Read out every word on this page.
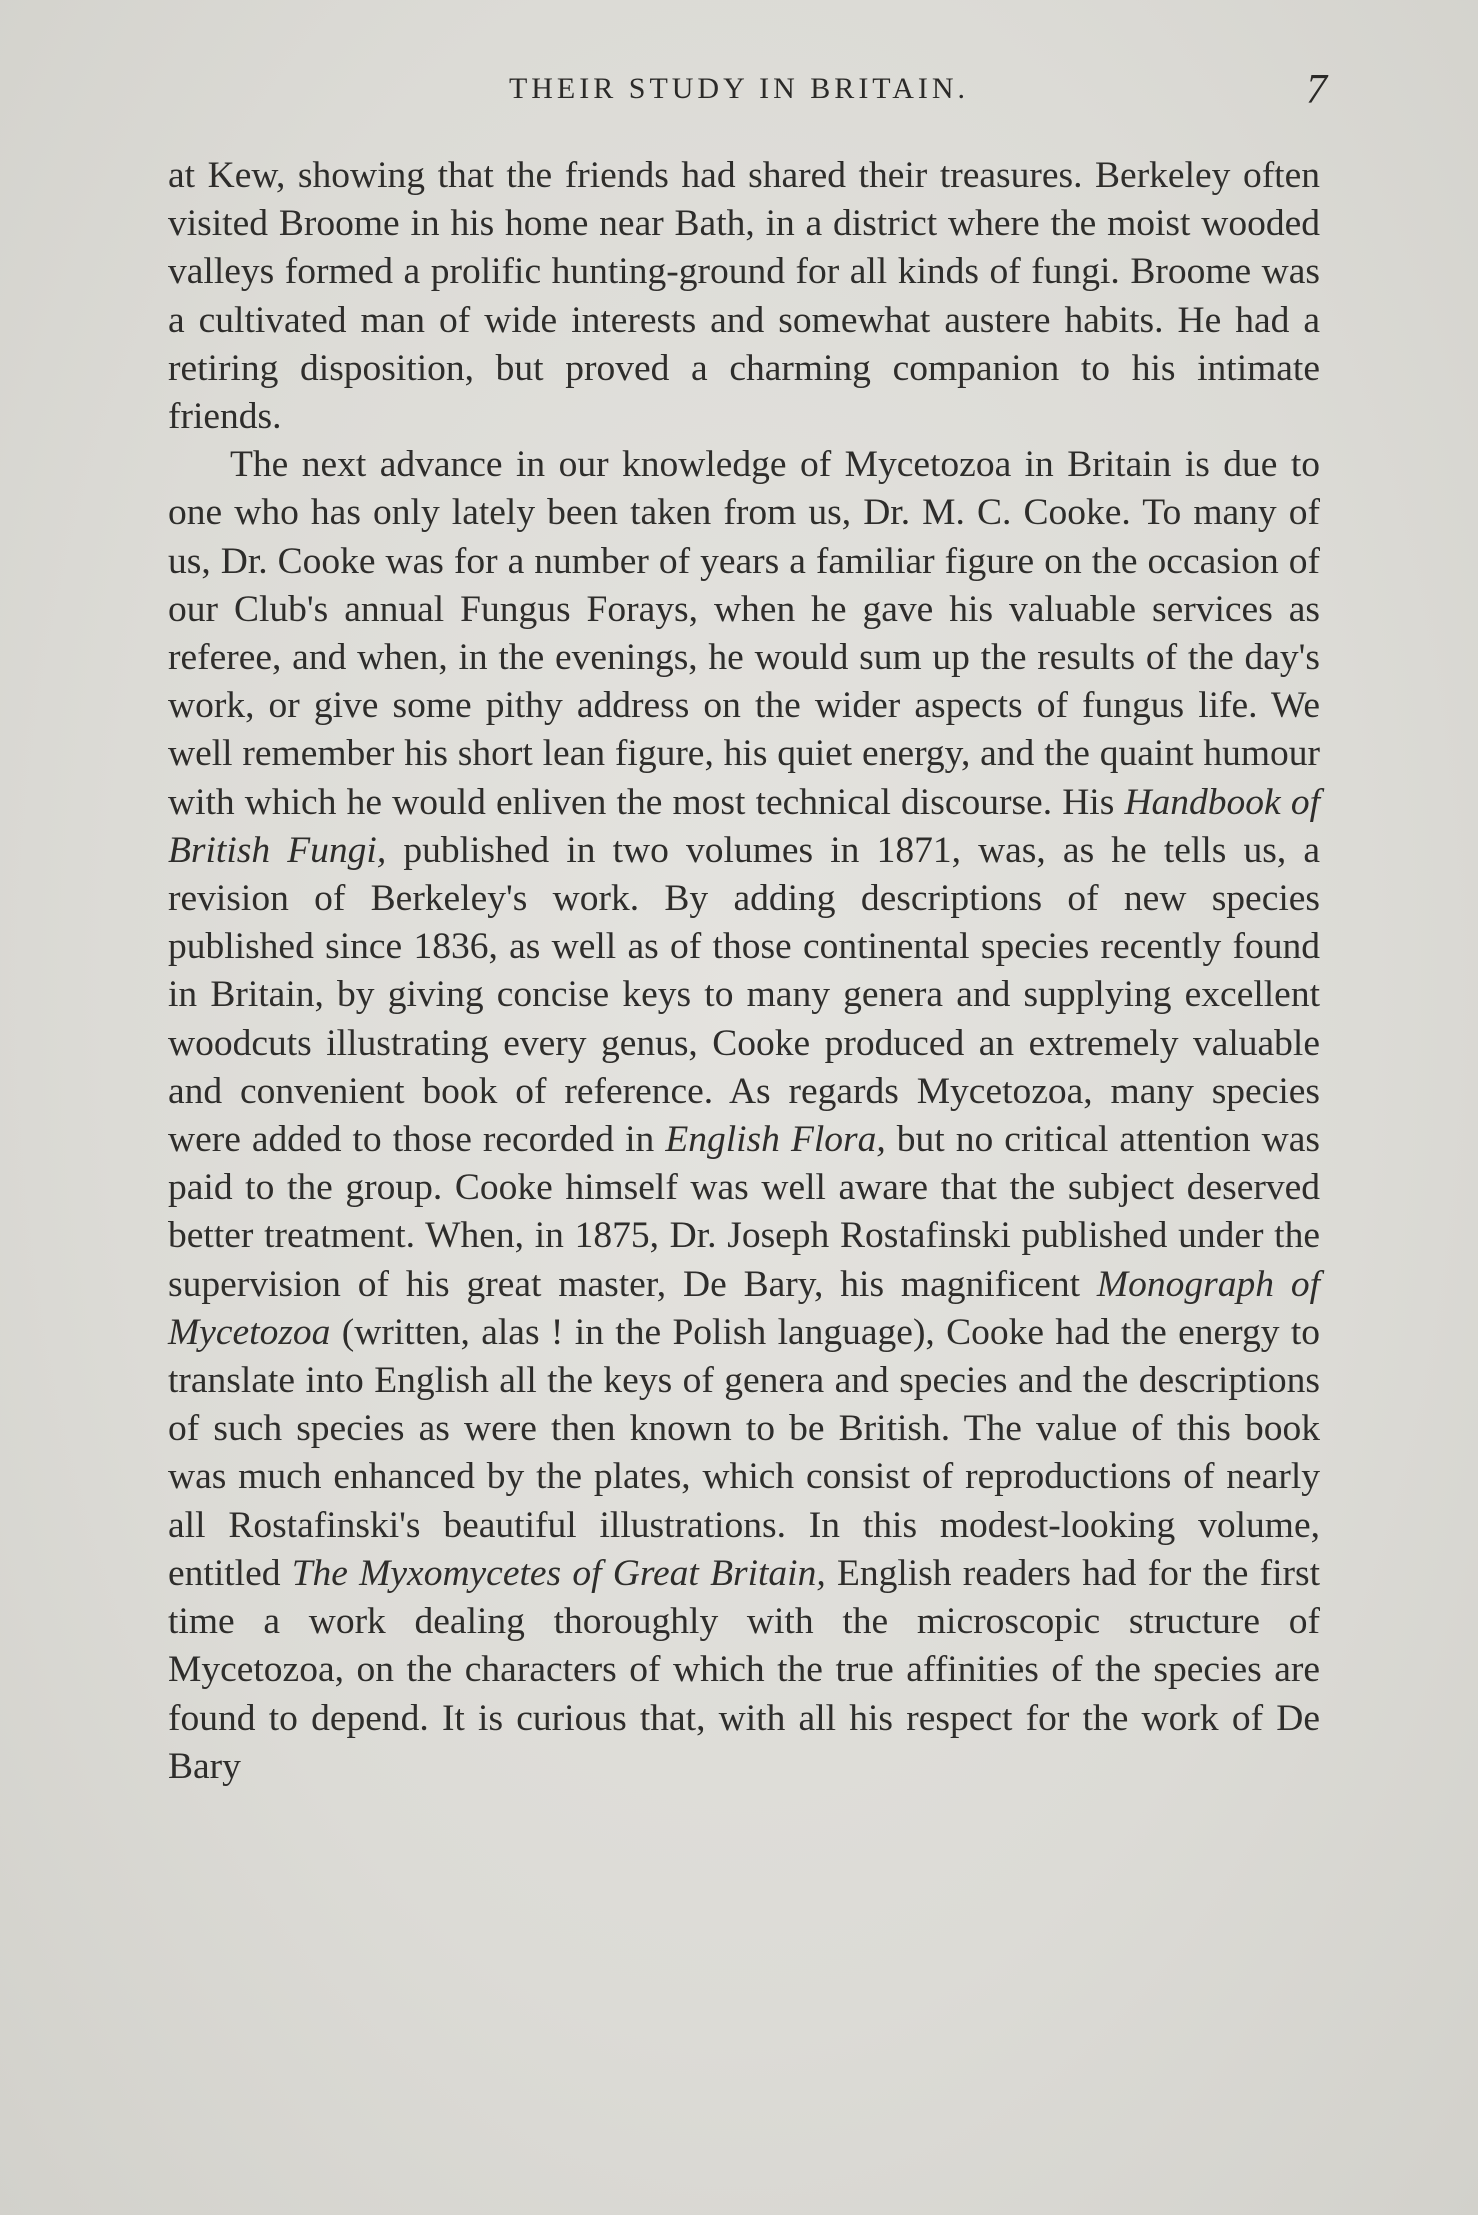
THEIR STUDY IN BRITAIN.	7

at Kew, showing that the friends had shared their treasures. Berkeley often visited Broome in his home near Bath, in a district where the moist wooded valleys formed a prolific hunting-ground for all kinds of fungi. Broome was a cultivated man of wide interests and somewhat austere habits. He had a retiring disposition, but proved a charming companion to his intimate friends.

The next advance in our knowledge of Mycetozoa in Britain is due to one who has only lately been taken from us, Dr. M. C. Cooke. To many of us, Dr. Cooke was for a number of years a familiar figure on the occasion of our Club's annual Fungus Forays, when he gave his valuable services as referee, and when, in the evenings, he would sum up the results of the day's work, or give some pithy address on the wider aspects of fungus life. We well remember his short lean figure, his quiet energy, and the quaint humour with which he would enliven the most technical discourse. His Handbook of British Fungi, published in two volumes in 1871, was, as he tells us, a revision of Berkeley's work. By adding descriptions of new species published since 1836, as well as of those continental species recently found in Britain, by giving concise keys to many genera and supplying excellent woodcuts illustrating every genus, Cooke produced an extremely valuable and convenient book of reference. As regards Mycetozoa, many species were added to those recorded in English Flora, but no critical attention was paid to the group. Cooke himself was well aware that the subject deserved better treatment. When, in 1875, Dr. Joseph Rostafinski published under the supervision of his great master, De Bary, his magnificent Monograph of Mycetozoa (written, alas ! in the Polish language), Cooke had the energy to translate into English all the keys of genera and species and the descriptions of such species as were then known to be British. The value of this book was much enhanced by the plates, which consist of reproductions of nearly all Rostafinski's beautiful illustrations. In this modest-looking volume, entitled The Myxomycetes of Great Britain, English readers had for the first time a work dealing thoroughly with the microscopic structure of Mycetozoa, on the characters of which the true affinities of the species are found to depend. It is curious that, with all his respect for the work of De Bary
